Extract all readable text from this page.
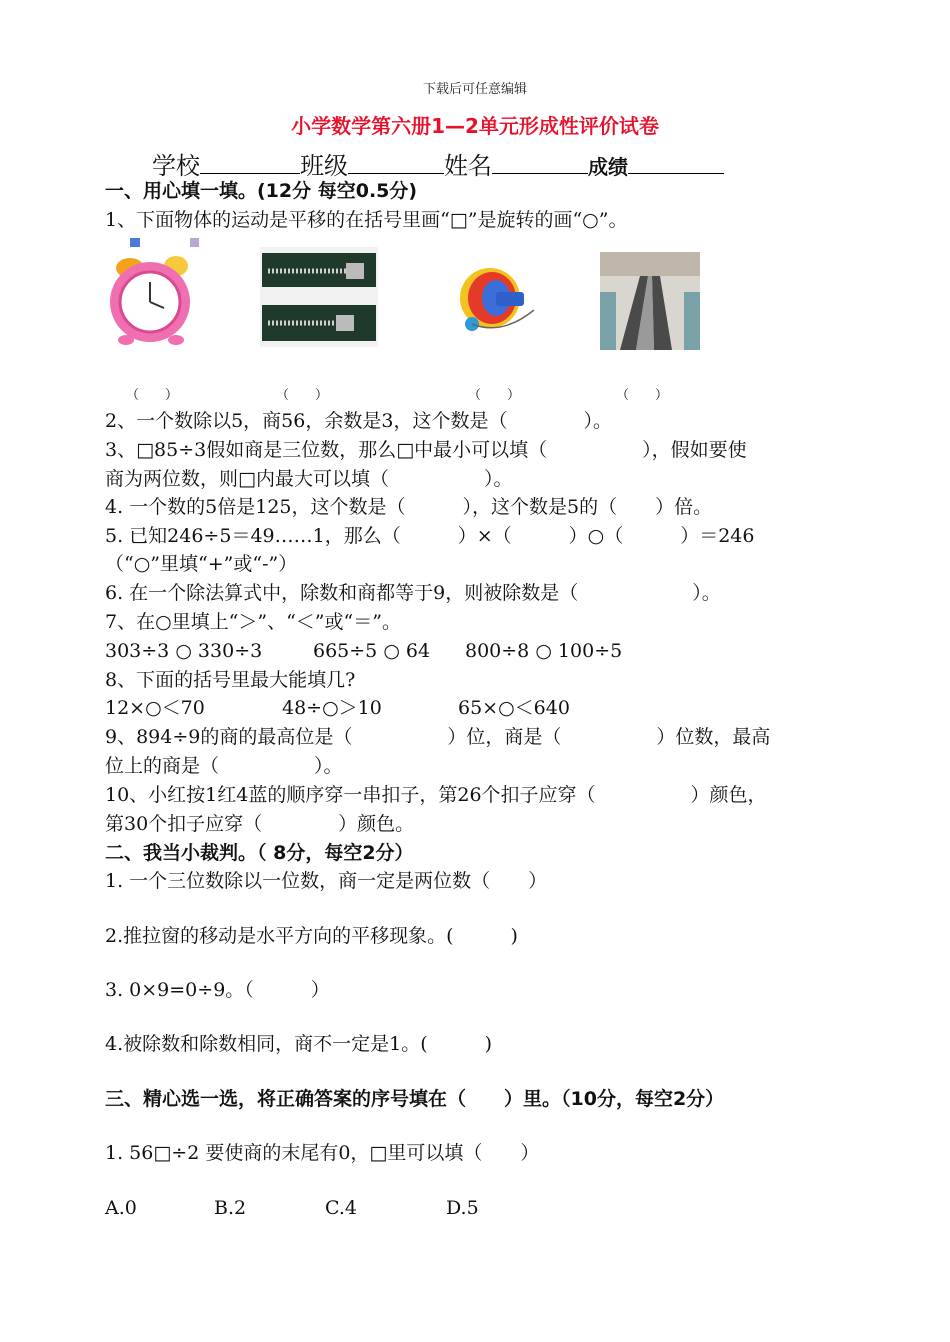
下载后可任意编辑
小学数学第六册1—2单元形成性评价试卷
学校	班级	姓名	成绩
一、用心填一填。(12分 每空0.5分)
1、下面物体的运动是平移的在括号里画“□”是旋转的画“○”。
（　　）	（　　）	（　　）	（　　）
2、一个数除以5，商56，余数是3，这个数是（　　　　）。
3、□85÷3假如商是三位数，那么□中最小可以填（　　　　　），假如要使
商为两位数，则□内最大可以填（　　　　　）。
4. 一个数的5倍是125，这个数是（　　　），这个数是5的（　　）倍。
5. 已知246÷5＝49……1，那么（　　　）×（　　　）○（　　　）＝246
（“○”里填“+”或“-”）
6. 在一个除法算式中，除数和商都等于9，则被除数是（　　　　　　）。
7、在○里填上“＞”、“＜”或“＝”。
303÷3 ○ 330÷3	665÷5 ○ 64 800÷8 ○ 100÷5
8、下面的括号里最大能填几?
12×○＜70	48÷○＞10	65×○＜640
9、894÷9的商的最高位是（　　　　　）位，商是（　　　　　）位数，最高
位上的商是（　　　　　）。
10、小红按1红4蓝的顺序穿一串扣子，第26个扣子应穿（　　　　　）颜色，
第30个扣子应穿（　　　　）颜色。
二、我当小裁判。（ 8分，每空2分）
1. 一个三位数除以一位数，商一定是两位数（　　）
2.推拉窗的移动是水平方向的平移现象。(　　　)
3. 0×9=0÷9。（　　　）
4.被除数和除数相同，商不一定是1。(　　　)
三、精心选一选，将正确答案的序号填在（　　）里。（10分，每空2分）
1. 56□÷2 要使商的末尾有0，□里可以填（　　）
A.0	B.2	C.4	D.5
